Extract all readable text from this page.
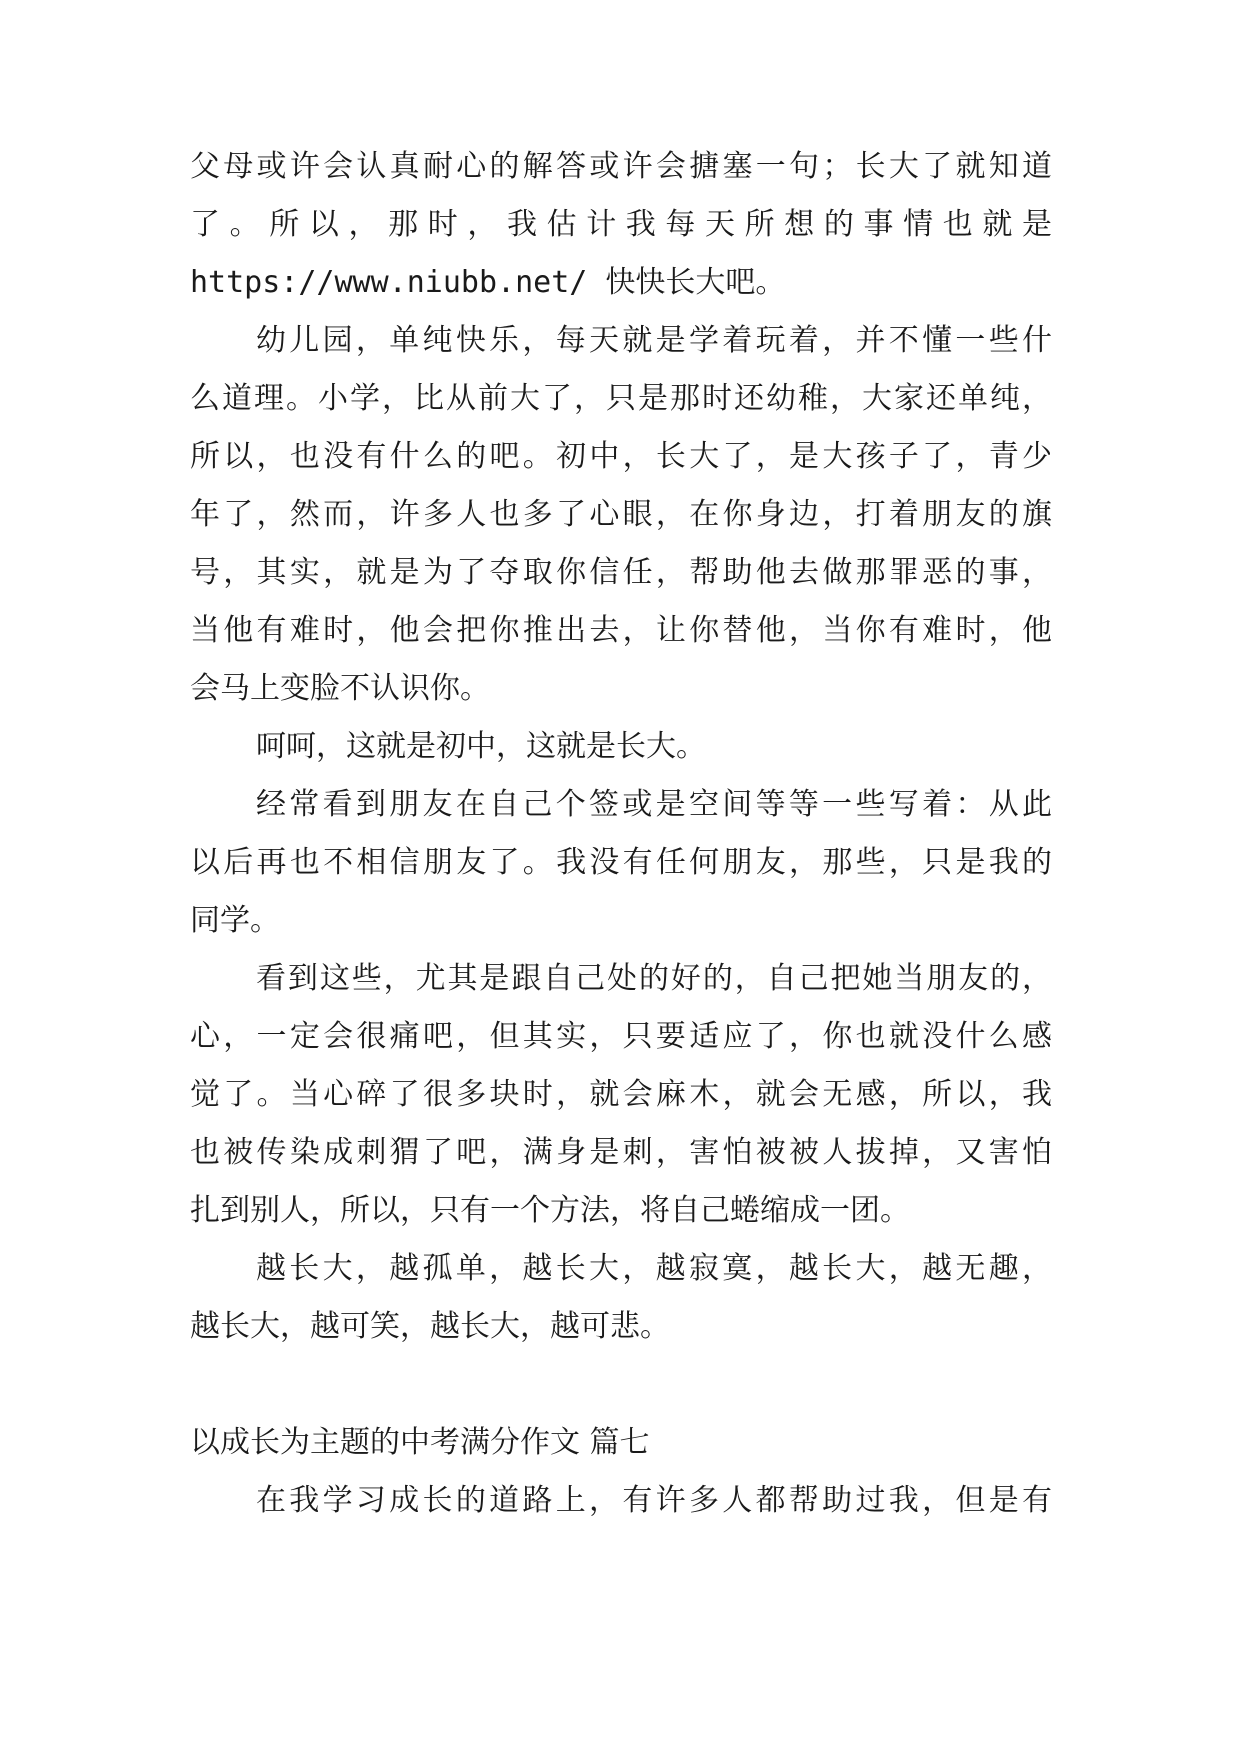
父母或许会认真耐心的解答或许会搪塞一句；长大了就知道
了。所以，那时，我估计我每天所想的事情也就是
https://www.niubb.net/ 快快长大吧。
幼儿园，单纯快乐，每天就是学着玩着，并不懂一些什
么道理。小学，比从前大了，只是那时还幼稚，大家还单纯，
所以，也没有什么的吧。初中，长大了，是大孩子了，青少
年了，然而，许多人也多了心眼，在你身边，打着朋友的旗
号，其实，就是为了夺取你信任，帮助他去做那罪恶的事，
当他有难时，他会把你推出去，让你替他，当你有难时，他
会马上变脸不认识你。
呵呵，这就是初中，这就是长大。
经常看到朋友在自己个签或是空间等等一些写着：从此
以后再也不相信朋友了。我没有任何朋友，那些，只是我的
同学。
看到这些，尤其是跟自己处的好的，自己把她当朋友的，
心，一定会很痛吧，但其实，只要适应了，你也就没什么感
觉了。当心碎了很多块时，就会麻木，就会无感，所以，我
也被传染成刺猬了吧，满身是刺，害怕被被人拔掉，又害怕
扎到别人，所以，只有一个方法，将自己蜷缩成一团。
越长大，越孤单，越长大，越寂寞，越长大，越无趣，
越长大，越可笑，越长大，越可悲。
以成长为主题的中考满分作文 篇七
在我学习成长的道路上，有许多人都帮助过我，但是有
